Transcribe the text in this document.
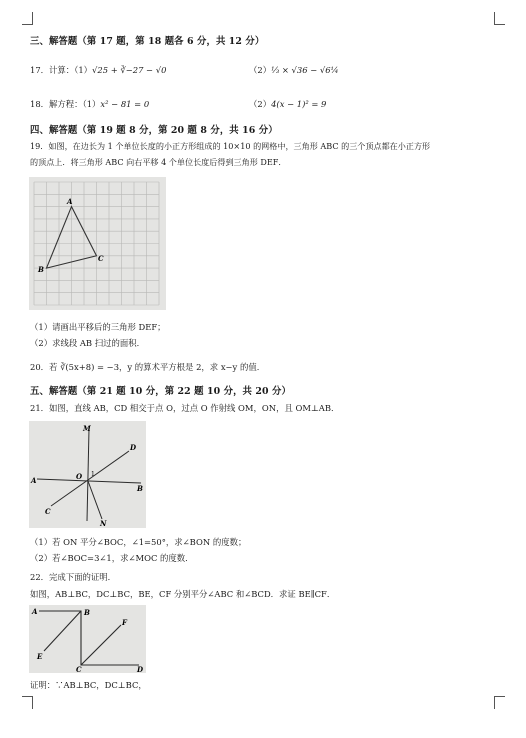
三、解答题（第 17 题，第 18 题各 6 分，共 12 分）
17．计算：（1）√25 + ∛−27 − √0	（2）⅓ × √36 − √6¼
18．解方程：（1）x² − 81 = 0	（2）4(x − 1)² = 9
四、解答题（第 19 题 8 分，第 20 题 8 分，共 16 分）
19．如图，在边长为 1 个单位长度的小正方形组成的 10×10 的网格中，三角形 ABC 的三个顶点都在小正方形
的顶点上．将三角形 ABC 向右平移 4 个单位长度后得到三角形 DEF．
A
B
C
（1）请画出平移后的三角形 DEF；
（2）求线段 AB 扫过的面积．
20．若 ∛(5x+8) = −3，y 的算术平方根是 2，求 x−y 的值．
五、解答题（第 21 题 10 分，第 22 题 10 分，共 20 分）
21．如图，直线 AB，CD 相交于点 O，过点 O 作射线 OM，ON，且 OM⊥AB．
M
D
A	O 1
B
C
N
（1）若 ON 平分∠BOC，∠1=50°，求∠BON 的度数；
（2）若∠BOC=3∠1，求∠MOC 的度数．
22．完成下面的证明．
如图，AB⊥BC，DC⊥BC，BE，CF 分别平分∠ABC 和∠BCD．求证 BE∥CF．
A	B
E
F
C	D
证明：∵AB⊥BC，DC⊥BC，
